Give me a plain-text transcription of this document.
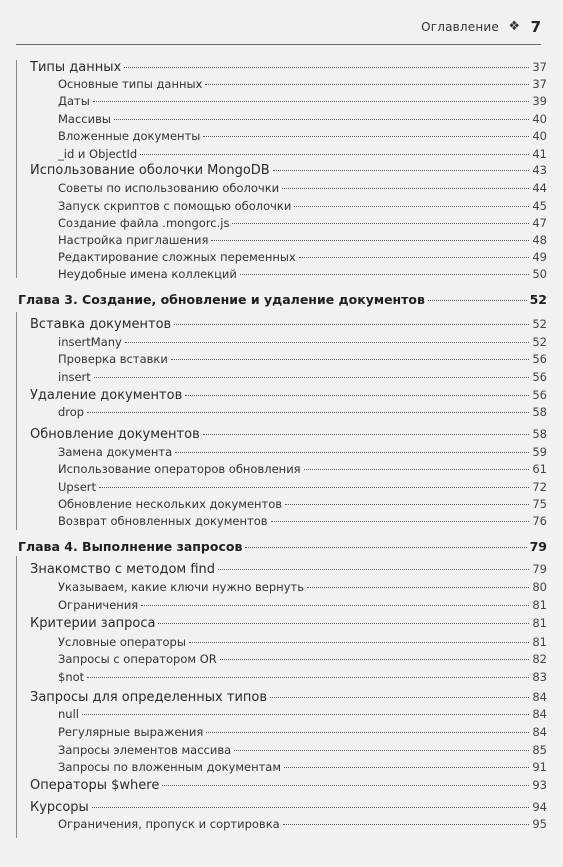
Оглавление ❖ 7
Типы данных	37
Основные типы данных	37
Даты	39
Массивы	40
Вложенные документы	40
_id и ObjectId	41
Использование оболочки MongoDB	43
Советы по использованию оболочки	44
Запуск скриптов с помощью оболочки	45
Создание файла .mongorc.js	47
Настройка приглашения	48
Редактирование сложных переменных	49
Неудобные имена коллекций	50
Глава 3. Создание, обновление и удаление документов	52
Вставка документов	52
insertMany	52
Проверка вставки	56
insert	56
Удаление документов	56
drop	58
Обновление документов	58
Замена документа	59
Использование операторов обновления	61
Upsert	72
Обновление нескольких документов	75
Возврат обновленных документов	76
Глава 4. Выполнение запросов	79
Знакомство с методом find	79
Указываем, какие ключи нужно вернуть	80
Ограничения	81
Критерии запроса	81
Условные операторы	81
Запросы с оператором OR	82
$not	83
Запросы для определенных типов	84
null	84
Регулярные выражения	84
Запросы элементов массива	85
Запросы по вложенным документам	91
Операторы $where	93
Курсоры	94
Ограничения, пропуск и сортировка	95
